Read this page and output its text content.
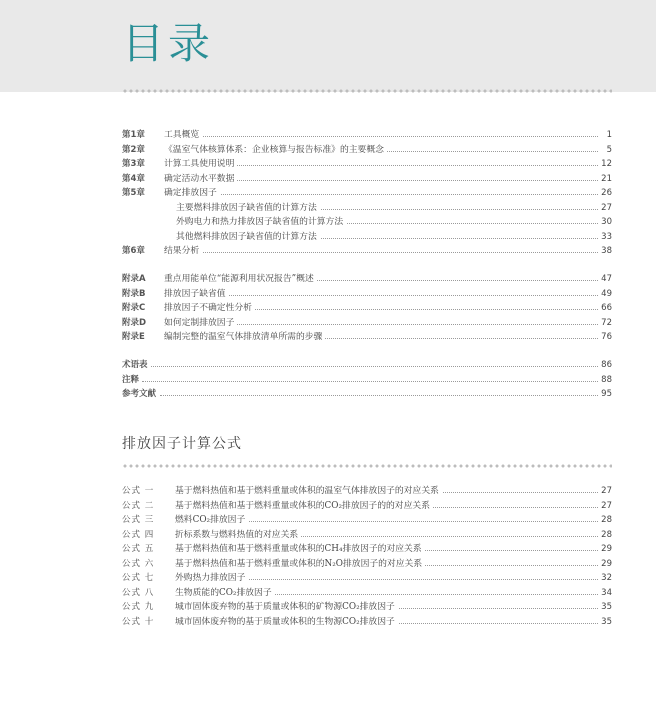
目录
第1章 工具概览	1
第2章 《温室气体核算体系：企业核算与报告标准》的主要概念	5
第3章 计算工具使用说明	12
第4章 确定活动水平数据	21
第5章 确定排放因子	26
主要燃料排放因子缺省值的计算方法	27
外购电力和热力排放因子缺省值的计算方法	30
其他燃料排放因子缺省值的计算方法	33
第6章 结果分析	38
附录A 重点用能单位“能源利用状况报告”概述	47
附录B 排放因子缺省值	49
附录C 排放因子不确定性分析	66
附录D 如何定制排放因子	72
附录E 编制完整的温室气体排放清单所需的步骤	76
术语表	86
注释	88
参考文献	95
排放因子计算公式
公式 一 基于燃料热值和基于燃料重量或体积的温室气体排放因子的对应关系	27
公式 二 基于燃料热值和基于燃料重量或体积的CO₂排放因子的的对应关系	27
公式 三 燃料CO₂排放因子	28
公式 四 折标系数与燃料热值的对应关系	28
公式 五 基于燃料热值和基于燃料重量或体积的CH₄排放因子的对应关系	29
公式 六 基于燃料热值和基于燃料重量或体积的N₂O排放因子的对应关系	29
公式 七 外购热力排放因子	32
公式 八 生物质能的CO₂排放因子	34
公式 九 城市固体废弃物的基于质量或体积的矿物源CO₂排放因子	35
公式 十 城市固体废弃物的基于质量或体积的生物源CO₂排放因子	35
